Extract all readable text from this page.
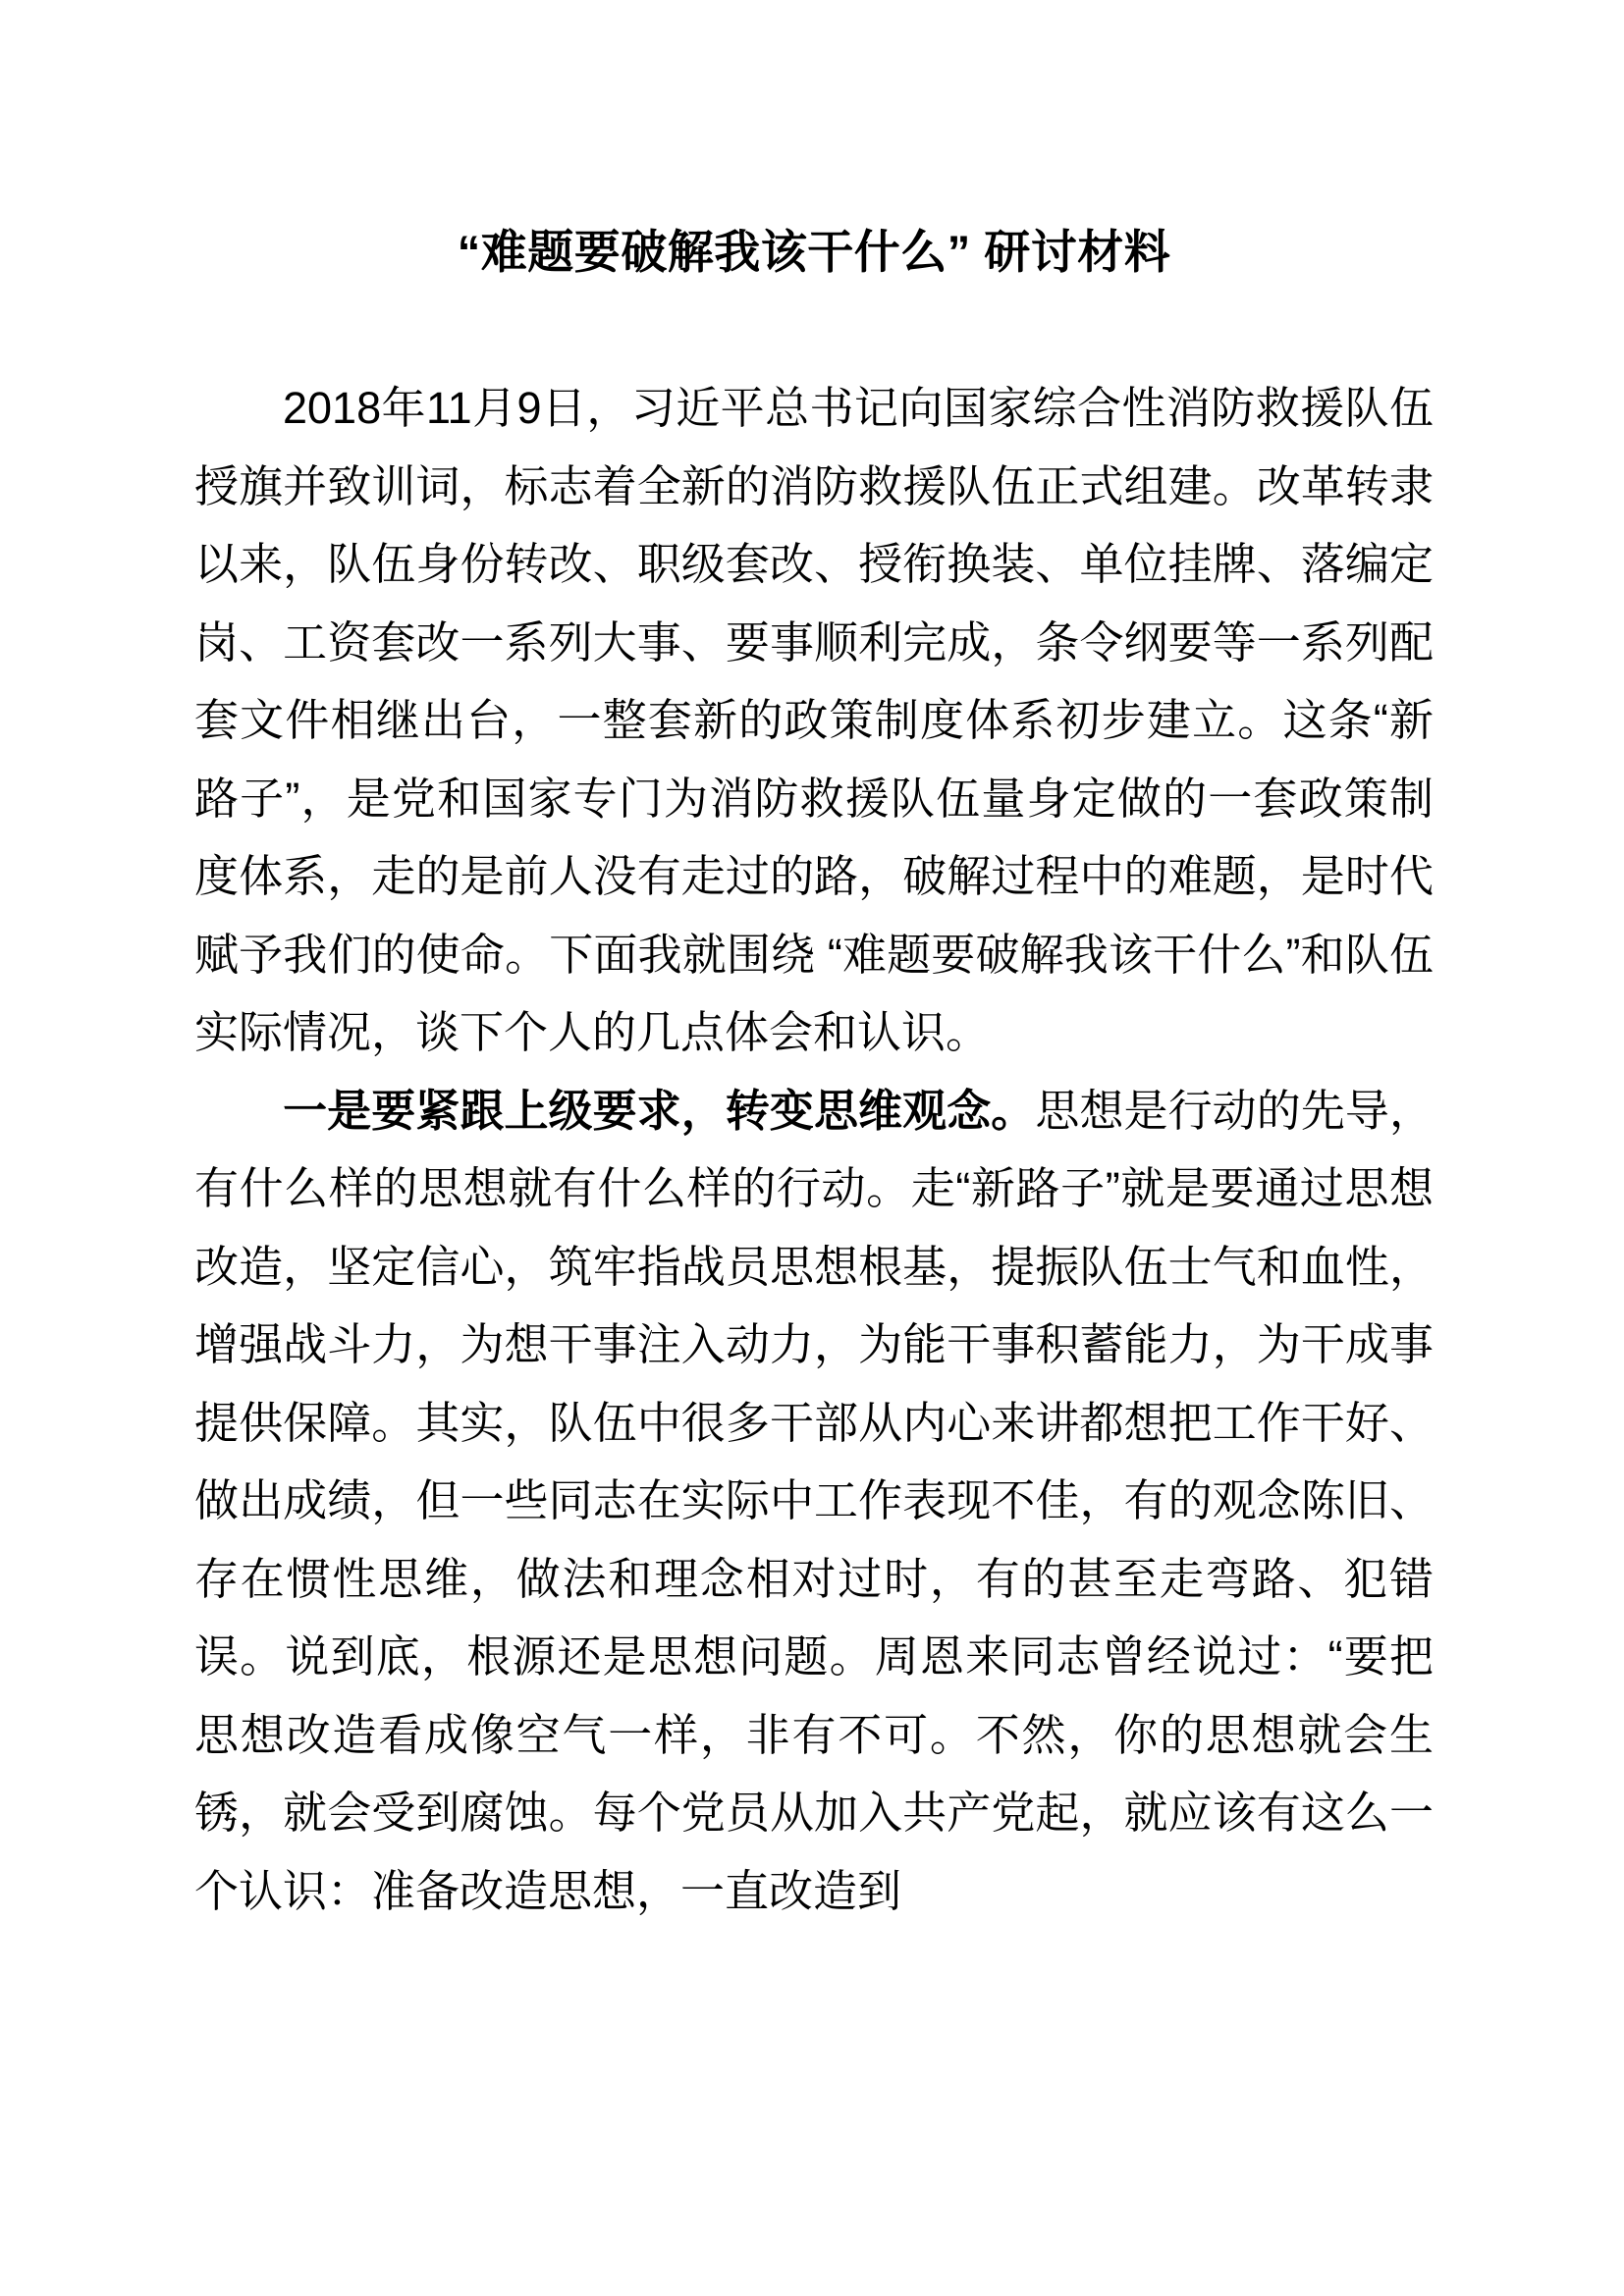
“难题要破解我该干什么” 研讨材料

2018年11月9日，习近平总书记向国家综合性消防救援队伍授旗并致训词，标志着全新的消防救援队伍正式组建。改革转隶以来，队伍身份转改、职级套改、授衔换装、单位挂牌、落编定岗、工资套改一系列大事、要事顺利完成，条令纲要等一系列配套文件相继出台，一整套新的政策制度体系初步建立。这条“新路子”，是党和国家专门为消防救援队伍量身定做的一套政策制度体系，走的是前人没有走过的路，破解过程中的难题，是时代赋予我们的使命。下面我就围绕 “难题要破解我该干什么”和队伍实际情况，谈下个人的几点体会和认识。

一是要紧跟上级要求，转变思维观念。思想是行动的先导，有什么样的思想就有什么样的行动。走“新路子”就是要通过思想改造，坚定信心，筑牢指战员思想根基，提振队伍士气和血性，增强战斗力，为想干事注入动力，为能干事积蓄能力，为干成事提供保障。其实，队伍中很多干部从内心来讲都想把工作干好、做出成绩，但一些同志在实际中工作表现不佳，有的观念陈旧、存在惯性思维，做法和理念相对过时，有的甚至走弯路、犯错误。说到底，根源还是思想问题。周恩来同志曾经说过：“要把思想改造看成像空气一样，非有不可。不然，你的思想就会生锈，就会受到腐蚀。每个党员从加入共产党起，就应该有这么一个认识：准备改造思想，一直改造到
